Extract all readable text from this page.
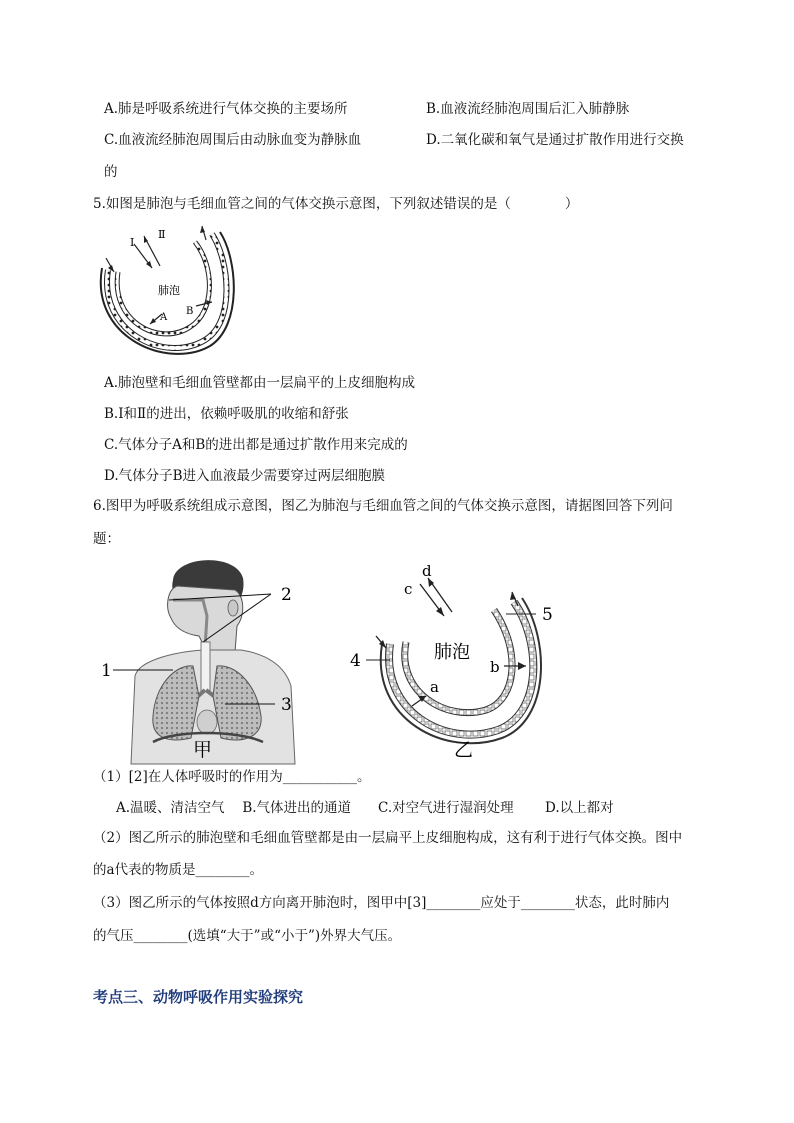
A.肺是呼吸系统进行气体交换的主要场所	B.血液流经肺泡周围后汇入肺静脉
C.血液流经肺泡周围后由动脉血变为静脉血	D.二氧化碳和氧气是通过扩散作用进行交换
的
5.如图是肺泡与毛细血管之间的气体交换示意图，下列叙述错误的是（　　　　）
Ⅰ
Ⅱ
肺泡
A
B
A.肺泡壁和毛细血管壁都由一层扁平的上皮细胞构成
B.Ⅰ和Ⅱ的进出，依赖呼吸肌的收缩和舒张
C.气体分子A和B的进出都是通过扩散作用来完成的
D.气体分子B进入血液最少需要穿过两层细胞膜
6.图甲为呼吸系统组成示意图，图乙为肺泡与毛细血管之间的气体交换示意图，请据图回答下列问
题：
2
1
3
甲
c
d
5
4	肺泡
b
a
乙
（1）[2]在人体呼吸时的作用为___________。
A.温暖、清洁空气　 B.气体进出的通道　　C.对空气进行湿润处理　　 D.以上都对
（2）图乙所示的肺泡壁和毛细血管壁都是由一层扁平上皮细胞构成，这有利于进行气体交换。图中
的a代表的物质是________。
（3）图乙所示的气体按照d方向离开肺泡时，图甲中[3]________应处于________状态，此时肺内
的气压________(选填“大于”或“小于”)外界大气压。
考点三、动物呼吸作用实验探究
